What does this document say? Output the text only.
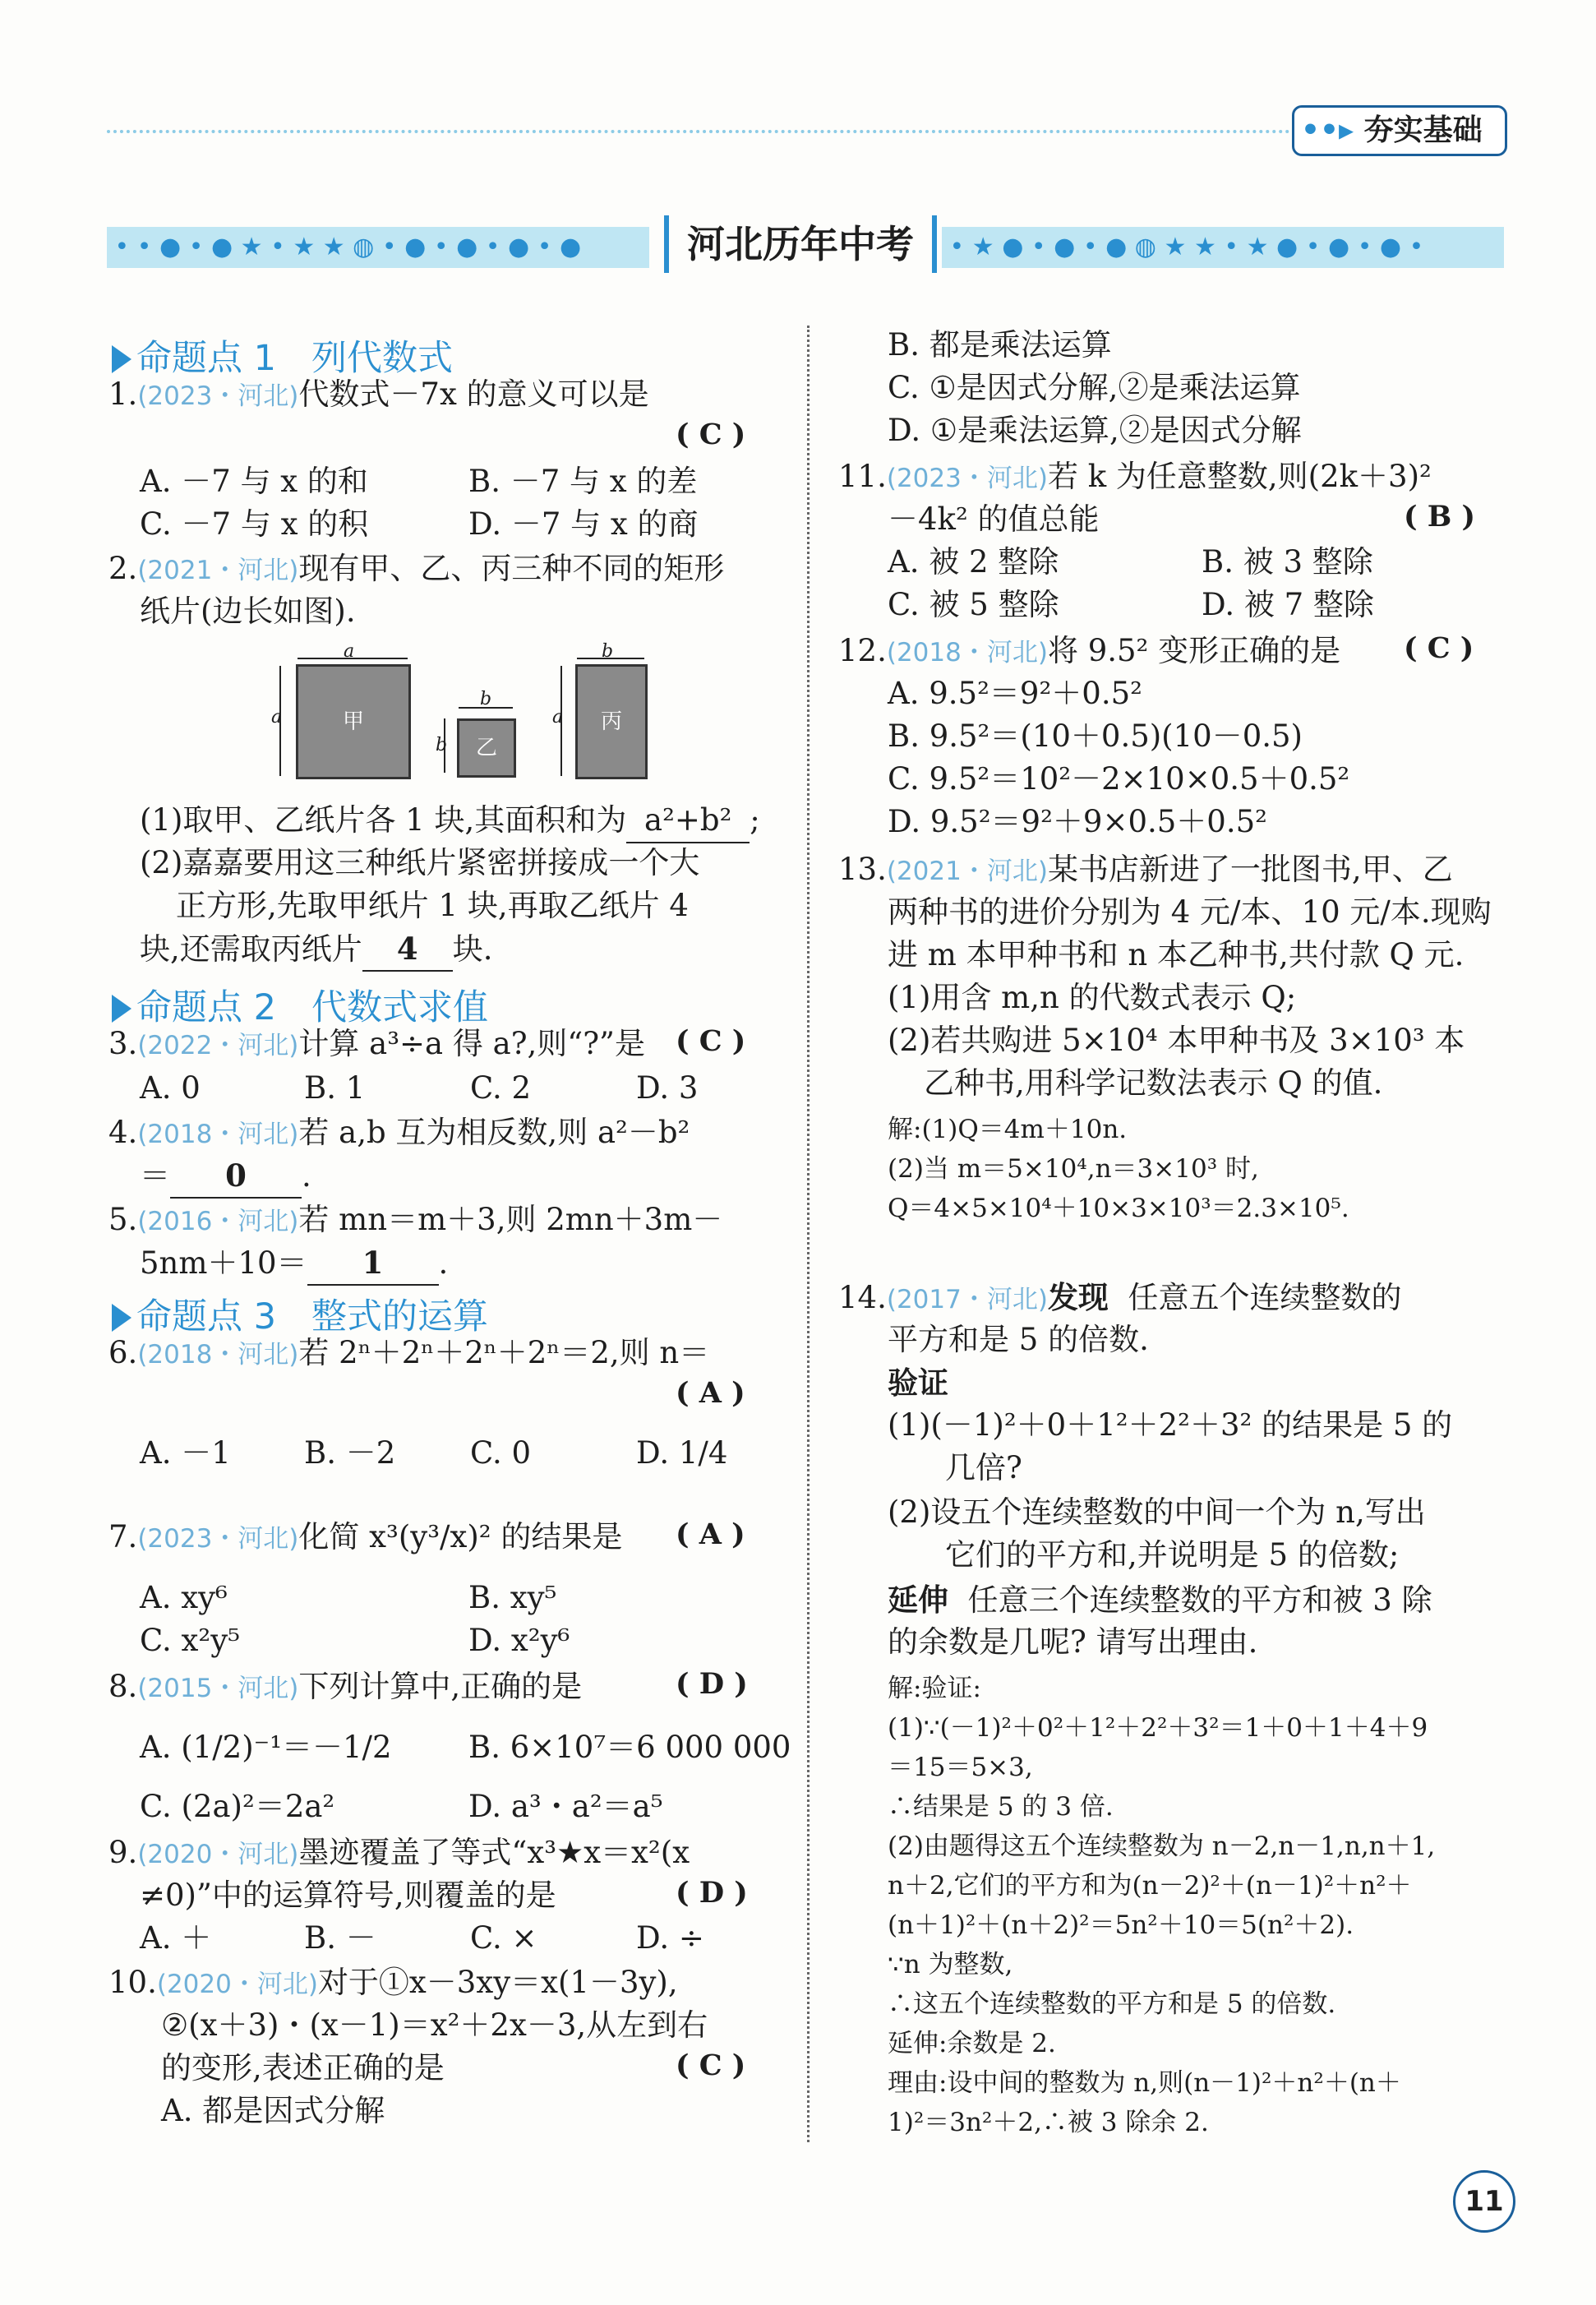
••▸ 夯实基础
• • ● • ● ★ • ★ ★ ◍ • ● • ● • ● • ●	河北历年中考	• ★ ● • ● • ● ◍ ★ ★ • ★ ● • ● • ● •
命题点 1　列代数式
1.(2023・河北)代数式－7x 的意义可以是
( C )
A. －7 与 x 的和	B. －7 与 x 的差
C. －7 与 x 的积	D. －7 与 x 的商
2.(2021・河北)现有甲、乙、丙三种不同的矩形
纸片(边长如图).
a
甲
a
b
乙
b
b
丙
a
(1)取甲、乙纸片各 1 块,其面积和为 a²+b² ;
(2)嘉嘉要用这三种纸片紧密拼接成一个大
正方形,先取甲纸片 1 块,再取乙纸片 4
块,还需取丙纸片 4 块.
命题点 2　代数式求值
3.(2022・河北)计算 a³÷a 得 a?,则“?”是 ( C )
A. 0	B. 1	C. 2	D. 3
4.(2018・河北)若 a,b 互为相反数,则 a²－b²
＝ 0 .
5.(2016・河北)若 mn＝m＋3,则 2mn＋3m－
5nm＋10＝ 1 .
命题点 3　整式的运算
6.(2018・河北)若 2ⁿ＋2ⁿ＋2ⁿ＋2ⁿ＝2,则 n＝
( A )
A. －1 B. －2 C. 0	D. 1/4
7.(2023・河北)化简 x³(y³/x)² 的结果是 ( A )
A. xy⁶	B. xy⁵
C. x²y⁵	D. x²y⁶
8.(2015・河北)下列计算中,正确的是	( D )
A. (1/2)⁻¹＝－1/2	B. 6×10⁷＝6 000 000
C. (2a)²＝2a²	D. a³・a²＝a⁵
9.(2020・河北)墨迹覆盖了等式“x³★x＝x²(x
≠0)”中的运算符号,则覆盖的是	( D )
A. ＋	B. －	C. ×	D. ÷
10.(2020・河北)对于①x－3xy＝x(1－3y),
②(x＋3)・(x－1)＝x²＋2x－3,从左到右
的变形,表述正确的是	( C )
A. 都是因式分解
B. 都是乘法运算
C. ①是因式分解,②是乘法运算
D. ①是乘法运算,②是因式分解
11.(2023・河北)若 k 为任意整数,则(2k＋3)²
－4k² 的值总能	( B )
A. 被 2 整除	B. 被 3 整除
C. 被 5 整除	D. 被 7 整除
12.(2018・河北)将 9.5² 变形正确的是 ( C )
A. 9.5²＝9²＋0.5²
B. 9.5²＝(10＋0.5)(10－0.5)
C. 9.5²＝10²－2×10×0.5＋0.5²
D. 9.5²＝9²＋9×0.5＋0.5²
13.(2021・河北)某书店新进了一批图书,甲、乙
两种书的进价分别为 4 元/本、10 元/本.现购
进 m 本甲种书和 n 本乙种书,共付款 Q 元.
(1)用含 m,n 的代数式表示 Q;
(2)若共购进 5×10⁴ 本甲种书及 3×10³ 本
乙种书,用科学记数法表示 Q 的值.
解:(1)Q＝4m＋10n.
(2)当 m＝5×10⁴,n＝3×10³ 时,
Q＝4×5×10⁴＋10×3×10³＝2.3×10⁵.
14.(2017・河北)发现 任意五个连续整数的
平方和是 5 的倍数.
验证
(1)(－1)²＋0＋1²＋2²＋3² 的结果是 5 的
几倍?
(2)设五个连续整数的中间一个为 n,写出
它们的平方和,并说明是 5 的倍数;
延伸 任意三个连续整数的平方和被 3 除
的余数是几呢? 请写出理由.
解:验证:
(1)∵(－1)²＋0²＋1²＋2²＋3²＝1＋0＋1＋4＋9
＝15＝5×3,
∴结果是 5 的 3 倍.
(2)由题得这五个连续整数为 n－2,n－1,n,n＋1,
n＋2,它们的平方和为(n－2)²＋(n－1)²＋n²＋
(n＋1)²＋(n＋2)²＝5n²＋10＝5(n²＋2).
∵n 为整数,
∴这五个连续整数的平方和是 5 的倍数.
延伸:余数是 2.
理由:设中间的整数为 n,则(n－1)²＋n²＋(n＋
1)²＝3n²＋2,∴被 3 除余 2.
11
